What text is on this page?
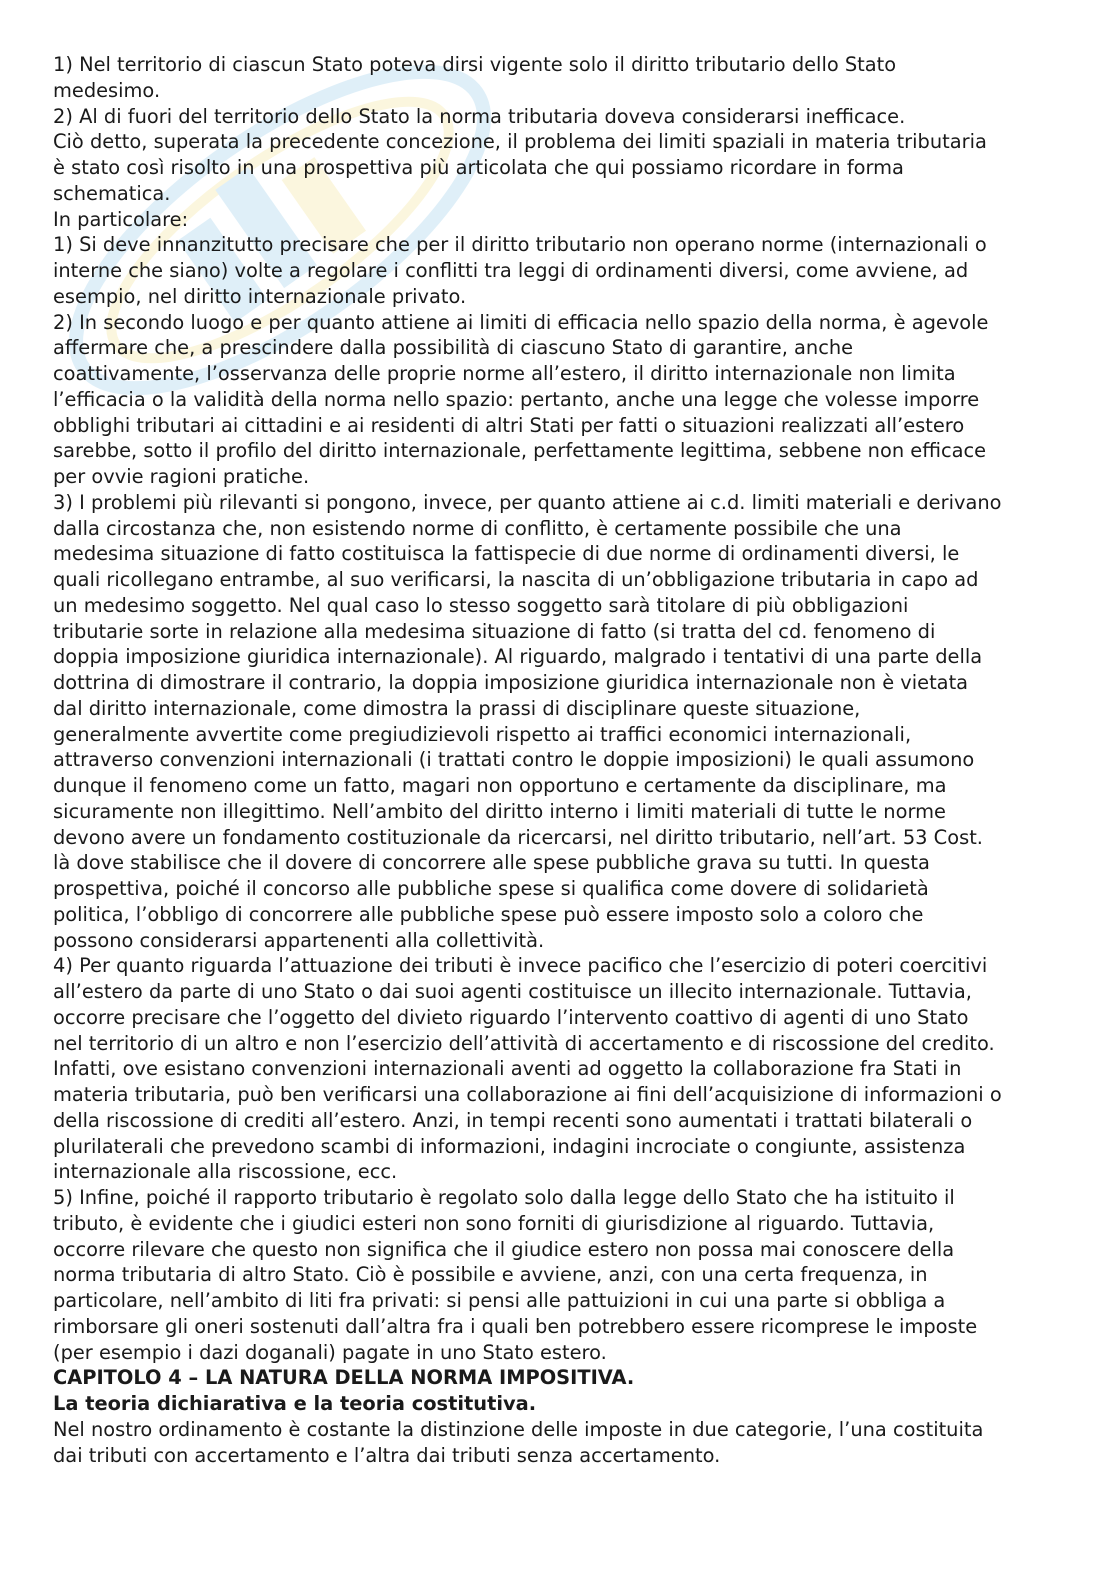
1) Nel territorio di ciascun Stato poteva dirsi vigente solo il diritto tributario dello Stato
medesimo.
2) Al di fuori del territorio dello Stato la norma tributaria doveva considerarsi inefficace.
Ciò detto, superata la precedente concezione, il problema dei limiti spaziali in materia tributaria
è stato così risolto in una prospettiva più articolata che qui possiamo ricordare in forma
schematica.
In particolare:
1) Si deve innanzitutto precisare che per il diritto tributario non operano norme (internazionali o
interne che siano) volte a regolare i conflitti tra leggi di ordinamenti diversi, come avviene, ad
esempio, nel diritto internazionale privato.
2) In secondo luogo e per quanto attiene ai limiti di efficacia nello spazio della norma, è agevole
affermare che, a prescindere dalla possibilità di ciascuno Stato di garantire, anche
coattivamente, l’osservanza delle proprie norme all’estero, il diritto internazionale non limita
l’efficacia o la validità della norma nello spazio: pertanto, anche una legge che volesse imporre
obblighi tributari ai cittadini e ai residenti di altri Stati per fatti o situazioni realizzati all’estero
sarebbe, sotto il profilo del diritto internazionale, perfettamente legittima, sebbene non efficace
per ovvie ragioni pratiche.
3) I problemi più rilevanti si pongono, invece, per quanto attiene ai c.d. limiti materiali e derivano
dalla circostanza che, non esistendo norme di conflitto, è certamente possibile che una
medesima situazione di fatto costituisca la fattispecie di due norme di ordinamenti diversi, le
quali ricollegano entrambe, al suo verificarsi, la nascita di un’obbligazione tributaria in capo ad
un medesimo soggetto. Nel qual caso lo stesso soggetto sarà titolare di più obbligazioni
tributarie sorte in relazione alla medesima situazione di fatto (si tratta del cd. fenomeno di
doppia imposizione giuridica internazionale). Al riguardo, malgrado i tentativi di una parte della
dottrina di dimostrare il contrario, la doppia imposizione giuridica internazionale non è vietata
dal diritto internazionale, come dimostra la prassi di disciplinare queste situazione,
generalmente avvertite come pregiudizievoli rispetto ai traffici economici internazionali,
attraverso convenzioni internazionali (i trattati contro le doppie imposizioni) le quali assumono
dunque il fenomeno come un fatto, magari non opportuno e certamente da disciplinare, ma
sicuramente non illegittimo. Nell’ambito del diritto interno i limiti materiali di tutte le norme
devono avere un fondamento costituzionale da ricercarsi, nel diritto tributario, nell’art. 53 Cost.
là dove stabilisce che il dovere di concorrere alle spese pubbliche grava su tutti. In questa
prospettiva, poiché il concorso alle pubbliche spese si qualifica come dovere di solidarietà
politica, l’obbligo di concorrere alle pubbliche spese può essere imposto solo a coloro che
possono considerarsi appartenenti alla collettività.
4) Per quanto riguarda l’attuazione dei tributi è invece pacifico che l’esercizio di poteri coercitivi
all’estero da parte di uno Stato o dai suoi agenti costituisce un illecito internazionale. Tuttavia,
occorre precisare che l’oggetto del divieto riguardo l’intervento coattivo di agenti di uno Stato
nel territorio di un altro e non l’esercizio dell’attività di accertamento e di riscossione del credito.
Infatti, ove esistano convenzioni internazionali aventi ad oggetto la collaborazione fra Stati in
materia tributaria, può ben verificarsi una collaborazione ai fini dell’acquisizione di informazioni o
della riscossione di crediti all’estero. Anzi, in tempi recenti sono aumentati i trattati bilaterali o
plurilaterali che prevedono scambi di informazioni, indagini incrociate o congiunte, assistenza
internazionale alla riscossione, ecc.
5) Infine, poiché il rapporto tributario è regolato solo dalla legge dello Stato che ha istituito il
tributo, è evidente che i giudici esteri non sono forniti di giurisdizione al riguardo. Tuttavia,
occorre rilevare che questo non significa che il giudice estero non possa mai conoscere della
norma tributaria di altro Stato. Ciò è possibile e avviene, anzi, con una certa frequenza, in
particolare, nell’ambito di liti fra privati: si pensi alle pattuizioni in cui una parte si obbliga a
rimborsare gli oneri sostenuti dall’altra fra i quali ben potrebbero essere ricomprese le imposte
(per esempio i dazi doganali) pagate in uno Stato estero.
CAPITOLO 4 – LA NATURA DELLA NORMA IMPOSITIVA.
La teoria dichiarativa e la teoria costitutiva.
Nel nostro ordinamento è costante la distinzione delle imposte in due categorie, l’una costituita
dai tributi con accertamento e l’altra dai tributi senza accertamento.
